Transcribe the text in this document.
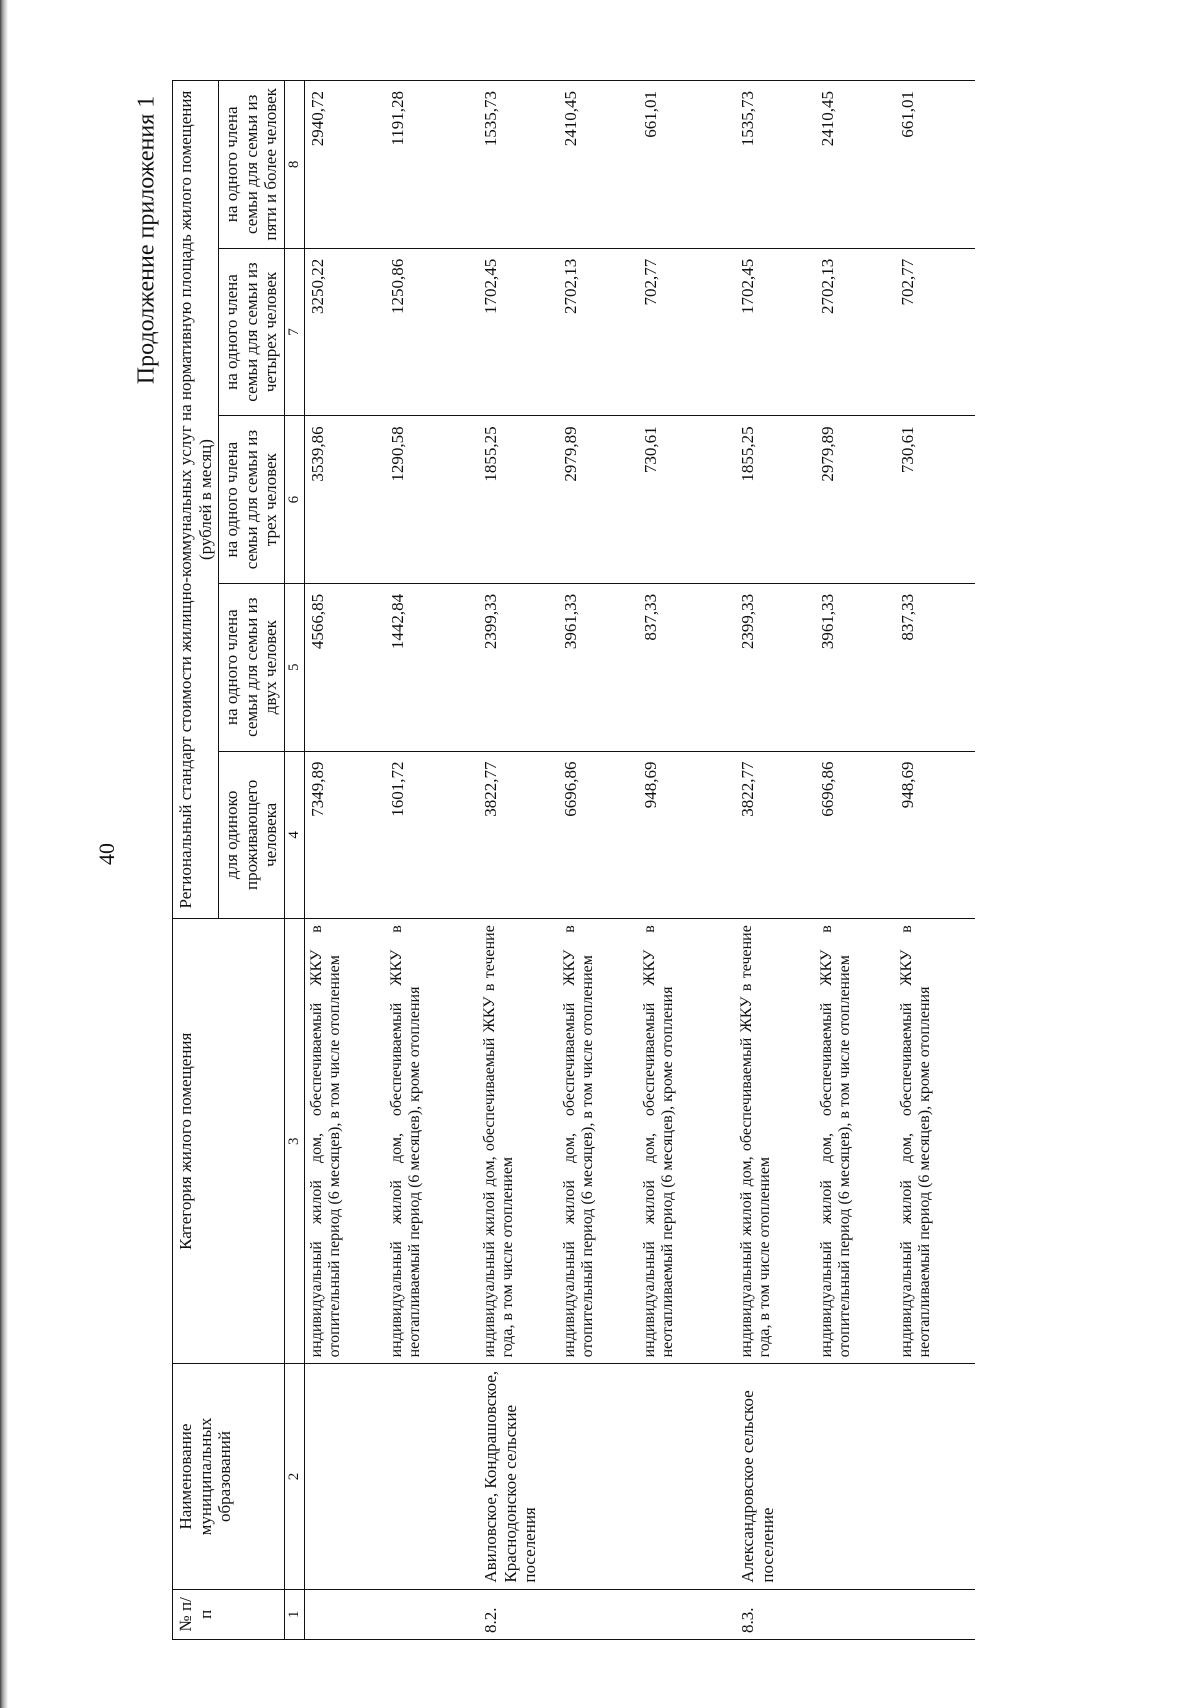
40
Продолжение приложения 1
№ п/п	Наименование муниципальных образований	Категория жилого помещения	Региональный стандарт стоимости жилищно-коммунальных услуг на нормативную площадь жилого помещения (рублей в месяц)				
			для одиноко проживающего человека	на одного члена семьи для семьи из двух человек	на одного члена семьи для семьи из трех человек	на одного члена семьи для семьи из четырех человек	на одного члена семьи для семьи из пяти и более человек
1	2	3	4	5	6	7	8
		индивидуальный жилой дом, обеспечиваемый ЖКУ в отопительный период (6 месяцев), в том числе отоплением	7349,89	4566,85	3539,86	3250,22	2940,72
		индивидуальный жилой дом, обеспечиваемый ЖКУ в неотапливаемый период (6 месяцев), кроме отопления	1601,72	1442,84	1290,58	1250,86	1191,28
8.2.	Авиловское, Кондрашовское, Краснодонское сельские поселения	индивидуальный жилой дом, обеспечиваемый ЖКУ в течение года, в том числе отоплением	3822,77	2399,33	1855,25	1702,45	1535,73
		индивидуальный жилой дом, обеспечиваемый ЖКУ в отопительный период (6 месяцев), в том числе отоплением	6696,86	3961,33	2979,89	2702,13	2410,45
		индивидуальный жилой дом, обеспечиваемый ЖКУ в неотапливаемый период (6 месяцев), кроме отопления	948,69	837,33	730,61	702,77	661,01
8.3.	Александровское сельское поселение	индивидуальный жилой дом, обеспечиваемый ЖКУ в течение года, в том числе отоплением	3822,77	2399,33	1855,25	1702,45	1535,73
		индивидуальный жилой дом, обеспечиваемый ЖКУ в отопительный период (6 месяцев), в том числе отоплением	6696,86	3961,33	2979,89	2702,13	2410,45
		индивидуальный жилой дом, обеспечиваемый ЖКУ в неотапливаемый период (6 месяцев), кроме отопления	948,69	837,33	730,61	702,77	661,01
